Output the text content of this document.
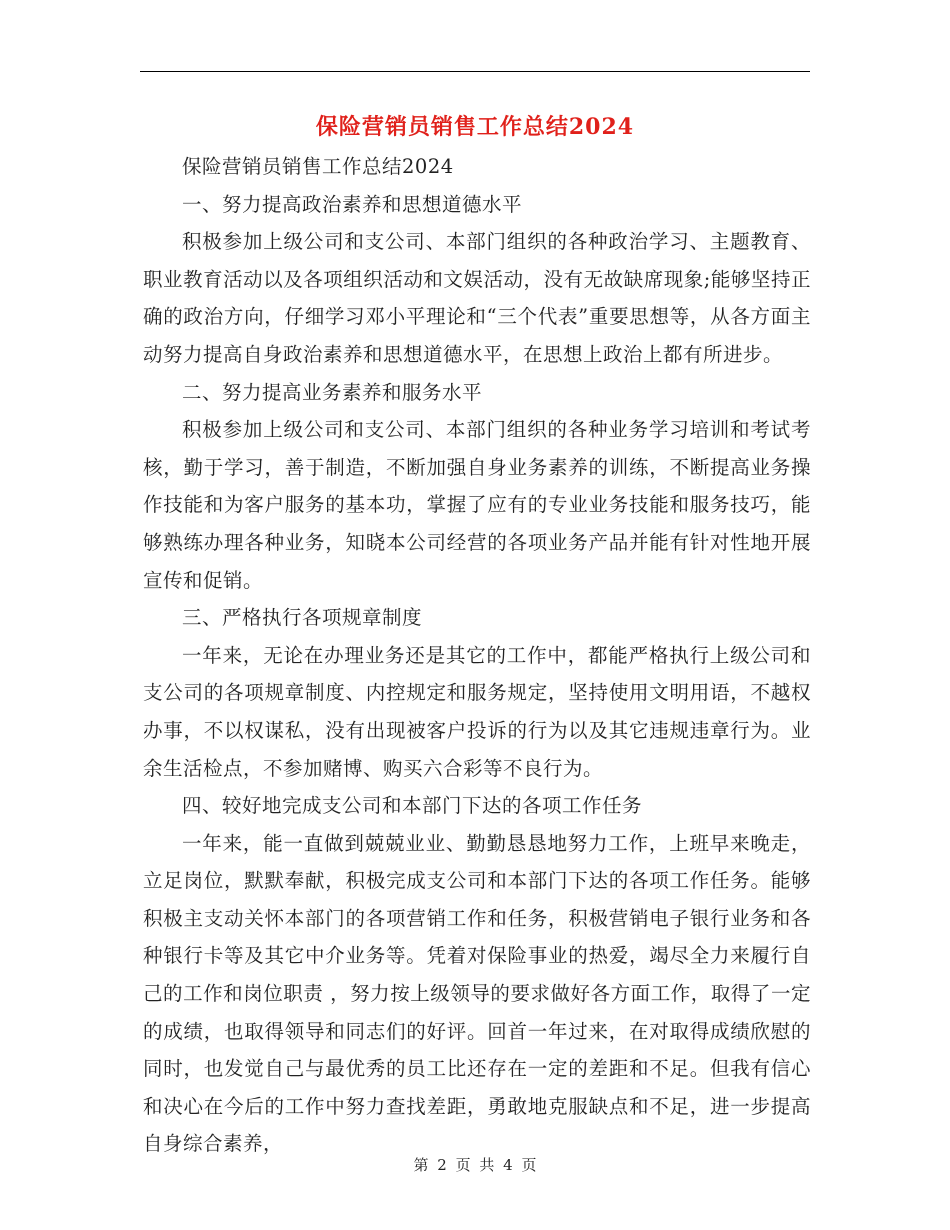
保险营销员销售工作总结2024

保险营销员销售工作总结2024

一、努力提高政治素养和思想道德水平

积极参加上级公司和支公司、本部门组织的各种政治学习、主题教育、职业教育活动以及各项组织活动和文娱活动，没有无故缺席现象;能够坚持正确的政治方向，仔细学习邓小平理论和“三个代表”重要思想等，从各方面主动努力提高自身政治素养和思想道德水平，在思想上政治上都有所进步。

二、努力提高业务素养和服务水平

积极参加上级公司和支公司、本部门组织的各种业务学习培训和考试考核，勤于学习，善于制造，不断加强自身业务素养的训练，不断提高业务操作技能和为客户服务的基本功，掌握了应有的专业业务技能和服务技巧，能够熟练办理各种业务，知晓本公司经营的各项业务产品并能有针对性地开展宣传和促销。

三、严格执行各项规章制度

一年来，无论在办理业务还是其它的工作中，都能严格执行上级公司和支公司的各项规章制度、内控规定和服务规定，坚持使用文明用语，不越权办事，不以权谋私，没有出现被客户投诉的行为以及其它违规违章行为。业余生活检点，不参加赌博、购买六合彩等不良行为。

四、较好地完成支公司和本部门下达的各项工作任务

一年来，能一直做到兢兢业业、勤勤恳恳地努力工作，上班早来晚走，立足岗位，默默奉献，积极完成支公司和本部门下达的各项工作任务。能够积极主支动关怀本部门的各项营销工作和任务，积极营销电子银行业务和各种银行卡等及其它中介业务等。凭着对保险事业的热爱，竭尽全力来履行自己的工作和岗位职责 ，努力按上级领导的要求做好各方面工作，取得了一定的成绩，也取得领导和同志们的好评。回首一年过来，在对取得成绩欣慰的同时，也发觉自己与最优秀的员工比还存在一定的差距和不足。但我有信心和决心在今后的工作中努力查找差距，勇敢地克服缺点和不足，进一步提高自身综合素养，

第 2 页 共 4 页
